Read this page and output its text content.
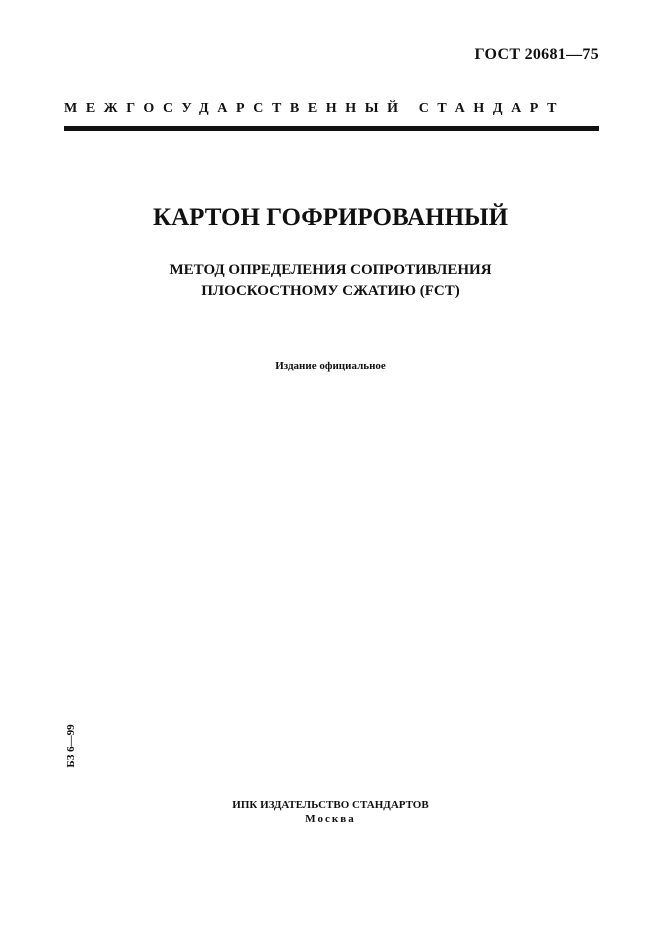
ГОСТ 20681—75
МЕЖГОСУДАРСТВЕННЫЙ СТАНДАРТ
КАРТОН ГОФРИРОВАННЫЙ
МЕТОД ОПРЕДЕЛЕНИЯ СОПРОТИВЛЕНИЯ
ПЛОСКОСТНОМУ СЖАТИЮ (FCT)
Издание официальное
БЗ 6—99
ИПК ИЗДАТЕЛЬСТВО СТАНДАРТОВ
Москва
